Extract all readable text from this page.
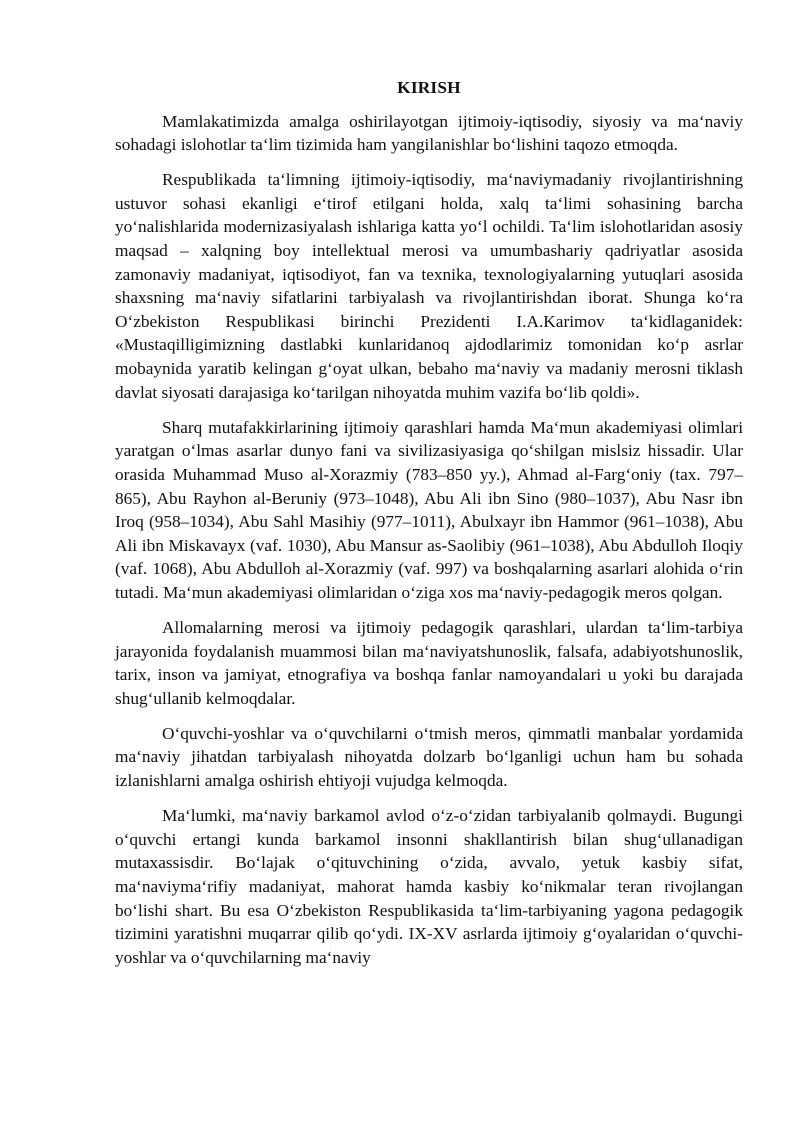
KIRISH

Mamlakatimizda amalga oshirilayotgan ijtimoiy-iqtisodiy, siyosiy va ma‘naviy sohadagi islohotlar ta‘lim tizimida ham yangilanishlar bo‘lishini taqozo etmoqda.

Respublikada ta‘limning ijtimoiy-iqtisodiy, ma‘naviymadaniy rivojlantirishning ustuvor sohasi ekanligi e‘tirof etilgani holda, xalq ta‘limi sohasining barcha yo‘nalishlarida modernizasiyalash ishlariga katta yo‘l ochildi. Ta‘lim islohotlaridan asosiy maqsad – xalqning boy intellektual merosi va umumbashariy qadriyatlar asosida zamonaviy madaniyat, iqtisodiyot, fan va texnika, texnologiyalarning yutuqlari asosida shaxsning ma‘naviy sifatlarini tarbiyalash va rivojlantirishdan iborat. Shunga ko‘ra O‘zbekiston Respublikasi birinchi Prezidenti I.A.Karimov ta‘kidlaganidek: «Mustaqilligimizning dastlabki kunlaridanoq ajdodlarimiz tomonidan ko‘p asrlar mobaynida yaratib kelingan g‘oyat ulkan, bebaho ma‘naviy va madaniy merosni tiklash davlat siyosati darajasiga ko‘tarilgan nihoyatda muhim vazifa bo‘lib qoldi».

Sharq mutafakkirlarining ijtimoiy qarashlari hamda Ma‘mun akademiyasi olimlari yaratgan o‘lmas asarlar dunyo fani va sivilizasiyasiga qo‘shilgan mislsiz hissadir. Ular orasida Muhammad Muso al-Xorazmiy (783–850 yy.), Ahmad al-Farg‘oniy (tax. 797– 865), Abu Rayhon al-Beruniy (973–1048), Abu Ali ibn Sino (980–1037), Abu Nasr ibn Iroq (958–1034), Abu Sahl Masihiy (977–1011), Abulxayr ibn Hammor (961–1038), Abu Ali ibn Miskavayx (vaf. 1030), Abu Mansur as-Saolibiy (961–1038), Abu Abdulloh Iloqiy (vaf. 1068), Abu Abdulloh al-Xorazmiy (vaf. 997) va boshqalarning asarlari alohida o‘rin tutadi. Ma‘mun akademiyasi olimlaridan o‘ziga xos ma‘naviy-pedagogik meros qolgan.

Allomalarning merosi va ijtimoiy pedagogik qarashlari, ulardan ta‘lim-tarbiya jarayonida foydalanish muammosi bilan ma‘naviyatshunoslik, falsafa, adabiyotshunoslik, tarix, inson va jamiyat, etnografiya va boshqa fanlar namoyandalari u yoki bu darajada shug‘ullanib kelmoqdalar.

O‘quvchi-yoshlar va o‘quvchilarni o‘tmish meros, qimmatli manbalar yordamida ma‘naviy jihatdan tarbiyalash nihoyatda dolzarb bo‘lganligi uchun ham bu sohada izlanishlarni amalga oshirish ehtiyoji vujudga kelmoqda.

Ma‘lumki, ma‘naviy barkamol avlod o‘z-o‘zidan tarbiyalanib qolmaydi. Bugungi o‘quvchi ertangi kunda barkamol insonni shakllantirish bilan shug‘ullanadigan mutaxassisdir. Bo‘lajak o‘qituvchining o‘zida, avvalo, yetuk kasbiy sifat, ma‘naviyma‘rifiy madaniyat, mahorat hamda kasbiy ko‘nikmalar teran rivojlangan bo‘lishi shart. Bu esa O‘zbekiston Respublikasida ta‘lim-tarbiyaning yagona pedagogik tizimini yaratishni muqarrar qilib qo‘ydi. IX-XV asrlarda ijtimoiy g‘oyalaridan o‘quvchi-yoshlar va o‘quvchilarning ma‘naviy
